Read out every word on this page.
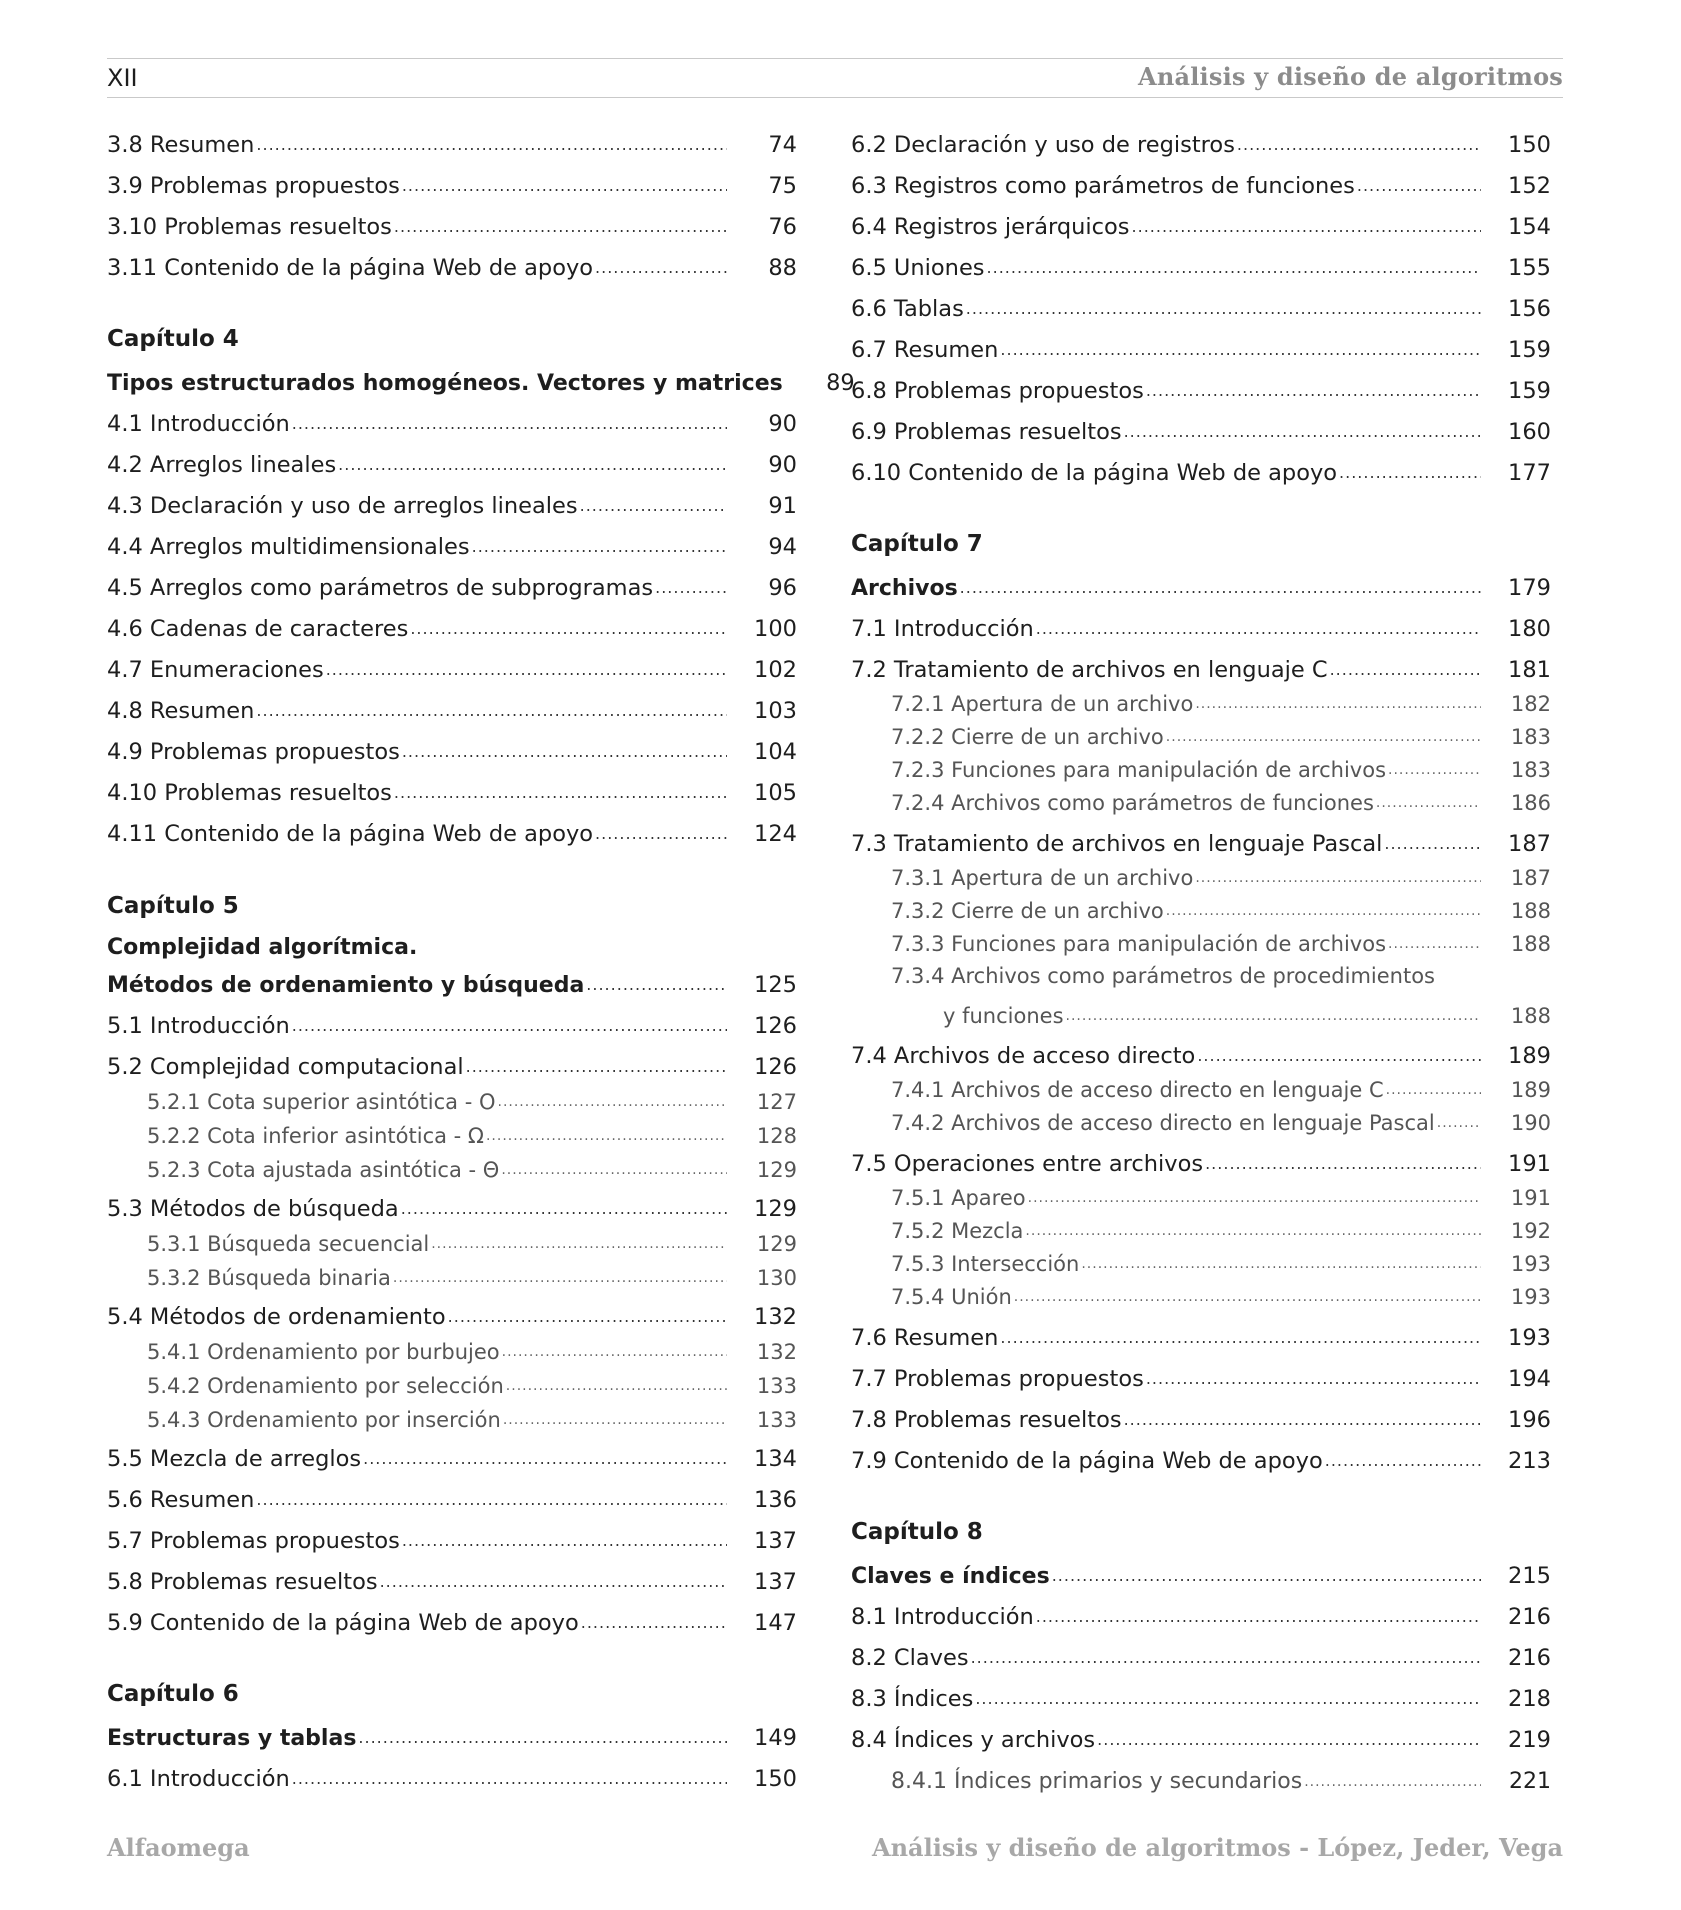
XII	Análisis y diseño de algoritmos
3.8 Resumen .....	74
3.9 Problemas propuestos .....	75
3.10 Problemas resueltos .....	76
3.11 Contenido de la página Web de apoyo .....	88
Capítulo 4
Tipos estructurados homogéneos. Vectores y matrices	89
4.1 Introducción .....	90
4.2 Arreglos lineales .....	90
4.3 Declaración y uso de arreglos lineales .....	91
4.4 Arreglos multidimensionales .....	94
4.5 Arreglos como parámetros de subprogramas .....	96
4.6 Cadenas de caracteres .....	100
4.7 Enumeraciones .....	102
4.8 Resumen .....	103
4.9 Problemas propuestos .....	104
4.10 Problemas resueltos .....	105
4.11 Contenido de la página Web de apoyo .....	124
Capítulo 5
Complejidad algorítmica.
Métodos de ordenamiento y búsqueda .....	125
5.1 Introducción .....	126
5.2 Complejidad computacional .....	126
5.2.1 Cota superior asintótica - Ο .....	127
5.2.2 Cota inferior asintótica - Ω .....	128
5.2.3 Cota ajustada asintótica - Θ .....	129
5.3 Métodos de búsqueda .....	129
5.3.1 Búsqueda secuencial .....	129
5.3.2 Búsqueda binaria .....	130
5.4 Métodos de ordenamiento .....	132
5.4.1 Ordenamiento por burbujeo .....	132
5.4.2 Ordenamiento por selección .....	133
5.4.3 Ordenamiento por inserción .....	133
5.5 Mezcla de arreglos .....	134
5.6 Resumen .....	136
5.7 Problemas propuestos .....	137
5.8 Problemas resueltos .....	137
5.9 Contenido de la página Web de apoyo .....	147
Capítulo 6
Estructuras y tablas .....	149
6.1 Introducción .....	150
6.2 Declaración y uso de registros .....	150
6.3 Registros como parámetros de funciones .....	152
6.4 Registros jerárquicos .....	154
6.5 Uniones .....	155
6.6 Tablas .....	156
6.7 Resumen .....	159
6.8 Problemas propuestos .....	159
6.9 Problemas resueltos .....	160
6.10 Contenido de la página Web de apoyo .....	177
Capítulo 7
Archivos .....	179
7.1 Introducción .....	180
7.2 Tratamiento de archivos en lenguaje C .....	181
7.2.1 Apertura de un archivo .....	182
7.2.2 Cierre de un archivo .....	183
7.2.3 Funciones para manipulación de archivos .....	183
7.2.4 Archivos como parámetros de funciones .....	186
7.3 Tratamiento de archivos en lenguaje Pascal .....	187
7.3.1 Apertura de un archivo .....	187
7.3.2 Cierre de un archivo .....	188
7.3.3 Funciones para manipulación de archivos .....	188
7.3.4 Archivos como parámetros de procedimientos
y funciones .....	188
7.4 Archivos de acceso directo .....	189
7.4.1 Archivos de acceso directo en lenguaje C .....	189
7.4.2 Archivos de acceso directo en lenguaje Pascal .....	190
7.5 Operaciones entre archivos .....	191
7.5.1 Apareo .....	191
7.5.2 Mezcla .....	192
7.5.3 Intersección .....	193
7.5.4 Unión .....	193
7.6 Resumen .....	193
7.7 Problemas propuestos .....	194
7.8 Problemas resueltos .....	196
7.9 Contenido de la página Web de apoyo .....	213
Capítulo 8
Claves e índices .....	215
8.1 Introducción .....	216
8.2 Claves .....	216
8.3 Índices .....	218
8.4 Índices y archivos .....	219
8.4.1 Índices primarios y secundarios .....	221
Alfaomega	Análisis y diseño de algoritmos - López, Jeder, Vega
